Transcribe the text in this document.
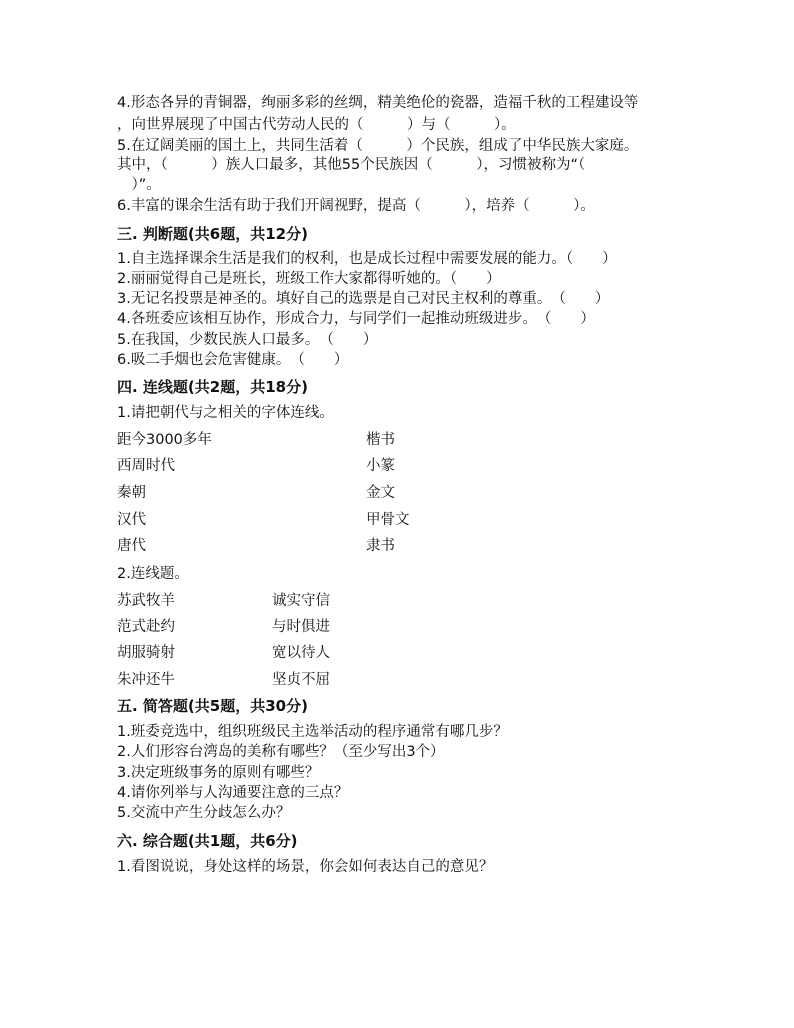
4.形态各异的青铜器，绚丽多彩的丝绸，精美绝伦的瓷器，造福千秋的工程建设等
，向世界展现了中国古代劳动人民的（　　　）与（　　　）。
5.在辽阔美丽的国土上，共同生活着（　　　）个民族，组成了中华民族大家庭。
其中，（　　　）族人口最多，其他55个民族因（　　　），习惯被称为“（
　）”。
6.丰富的课余生活有助于我们开阔视野，提高（　　　），培养（　　　）。
三. 判断题(共6题，共12分)
1.自主选择课余生活是我们的权利，也是成长过程中需要发展的能力。（　　）
2.丽丽觉得自己是班长，班级工作大家都得听她的。（　　）
3.无记名投票是神圣的。填好自己的选票是自己对民主权利的尊重。　（　　）
4.各班委应该相互协作，形成合力，与同学们一起推动班级进步。　（　　）
5.在我国，少数民族人口最多。　（　　）
6.吸二手烟也会危害健康。　（　　）
四. 连线题(共2题，共18分)
1.请把朝代与之相关的字体连线。
距今3000多年	楷书
西周时代	小篆
秦朝	金文
汉代	甲骨文
唐代	隶书
2.连线题。
苏武牧羊	诚实守信
范式赴约	与时俱进
胡服骑射	宽以待人
朱冲还牛	坚贞不屈
五. 简答题(共5题，共30分)
1.班委竞选中，组织班级民主选举活动的程序通常有哪几步？
2.人们形容台湾岛的美称有哪些？（至少写出3个）
3.决定班级事务的原则有哪些？
4.请你列举与人沟通要注意的三点？
5.交流中产生分歧怎么办？
六. 综合题(共1题，共6分)
1.看图说说，身处这样的场景，你会如何表达自己的意见？
